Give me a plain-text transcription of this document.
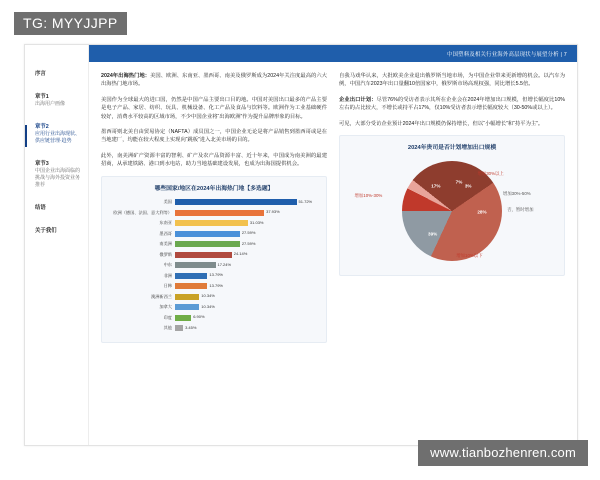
TG: MYYJJPP
序言
章节1
出海用户画像
章节2
应用行业出海现状、供应链营理·趋势
章节3
中国企业出海面临的挑战与海外投资业务推荐
结语
关于我们
中国塑料及相关行业海外高层现状与展望分析 | 7

2024年出海热门地：美国、欧洲、东南亚、墨西哥、南美及俄罗斯成为2024年关注度最高的六大出海热门地市场。

美国作为全球最大的进口国，仍然是中国产品主要出口目的地。中国对美国出口最多的产品主要是电子产品、家居、纺织、玩具、机械设备、化工产品及食品与饮料等。欧洲作为工业基础硬件较好，消费水平较高的区域市场，不少中国企业将“出海欧洲”作为提升品牌形象的目标。

墨西哥则北美自由贸易协定（NAFTA）成员国之一，中国企业无论是将产品销售到墨西哥或是在当地建厂，均能在较大程度上实现向“跳板”进入北美市场的目的。

此外，南美洲矿产资源丰富的智利、矿产及农产品资源丰富、近十年来，中国成为南美洲的最建招商，从承建铁路、港口到水电站，助力当地基础建设发展，也成为出海国提供机会。

哪些国家/地区在2024年出海热门地【多选题】
美国	51.72%
欧洲（德国、法国、意大利等）	37.93%
东南亚	31.03%
墨西哥	27.59%
南美洲	27.59%
俄罗斯	24.14%
中东	17.24%
非洲	13.79%
日韩	13.79%
澳洲新西兰	10.34%
加拿大	10.34%
印度	6.90%
其他	3.45%

自我马戏华认来，大批欧美企业退出俄罗斯当地市场，为中国企业带来更新增的机会。以汽车为例，中国汽车2023年出口量翻10倍国家中，俄罗斯市场高现权强，同比增长5.5倍。

企业出口计划：尽管76%的受访者表示其所在企业会在2024年增加出口规模，但增长幅度比10%左右的占比较大，不增长或持平占17%，仅10%受访者表示增长幅度较大（30-50%或以上）。

可见，大部分受访企业预计2024年出口规模仍保持增长，但以“小幅增长”和“持平为主”。

2024年贵司是否计划增加出口规模
7%
3%
28%
39%
17%
增加30%以上
增加30%-50%
增加10%-30%
增加10%以下
否，暂时增加
www.tianbozhenren.com
